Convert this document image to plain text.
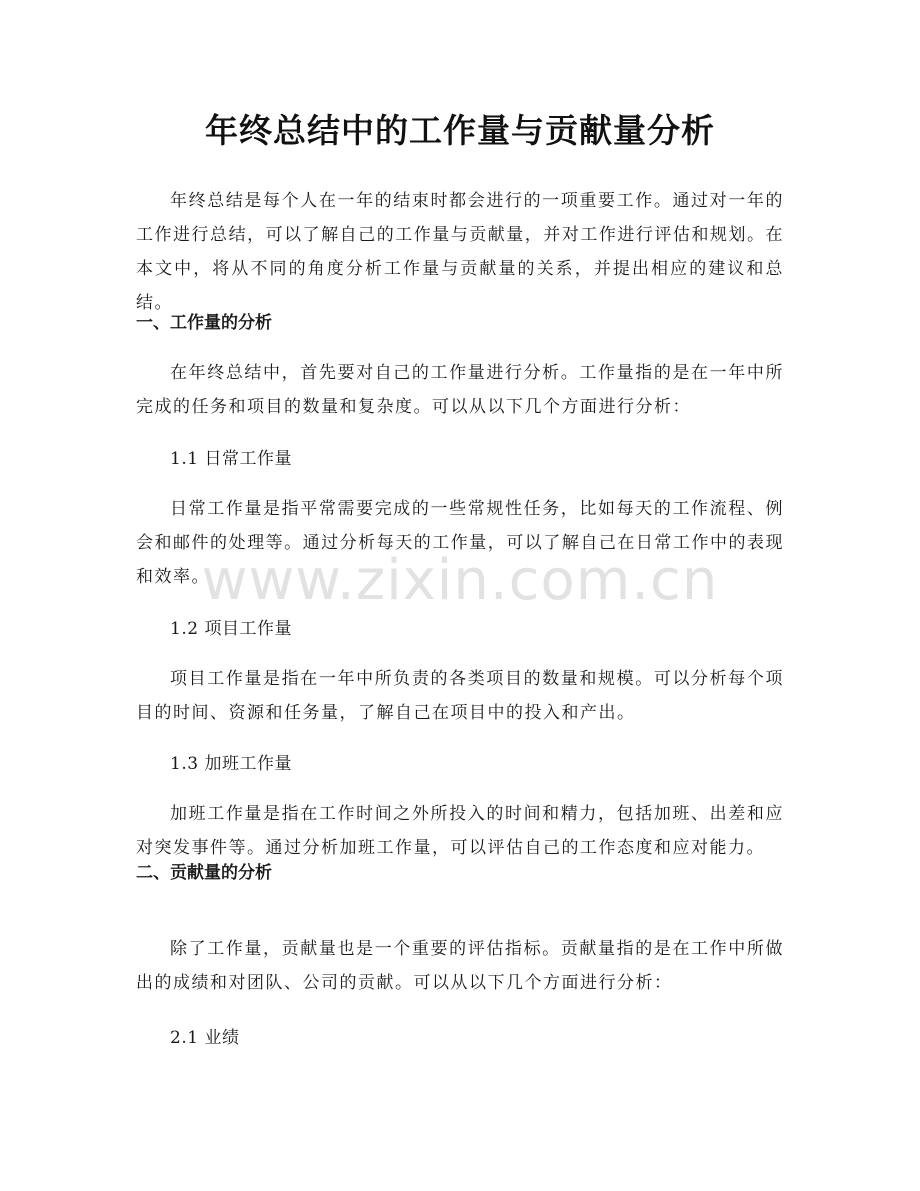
年终总结中的工作量与贡献量分析

年终总结是每个人在一年的结束时都会进行的一项重要工作。通过对一年的工作进行总结，可以了解自己的工作量与贡献量，并对工作进行评估和规划。在本文中，将从不同的角度分析工作量与贡献量的关系，并提出相应的建议和总结。

一、工作量的分析

在年终总结中，首先要对自己的工作量进行分析。工作量指的是在一年中所完成的任务和项目的数量和复杂度。可以从以下几个方面进行分析：

1.1 日常工作量

日常工作量是指平常需要完成的一些常规性任务，比如每天的工作流程、例会和邮件的处理等。通过分析每天的工作量，可以了解自己在日常工作中的表现和效率。

1.2 项目工作量

项目工作量是指在一年中所负责的各类项目的数量和规模。可以分析每个项目的时间、资源和任务量，了解自己在项目中的投入和产出。

1.3 加班工作量

加班工作量是指在工作时间之外所投入的时间和精力，包括加班、出差和应对突发事件等。通过分析加班工作量，可以评估自己的工作态度和应对能力。

二、贡献量的分析

除了工作量，贡献量也是一个重要的评估指标。贡献量指的是在工作中所做出的成绩和对团队、公司的贡献。可以从以下几个方面进行分析：

2.1 业绩
www.zixin.com.cn
